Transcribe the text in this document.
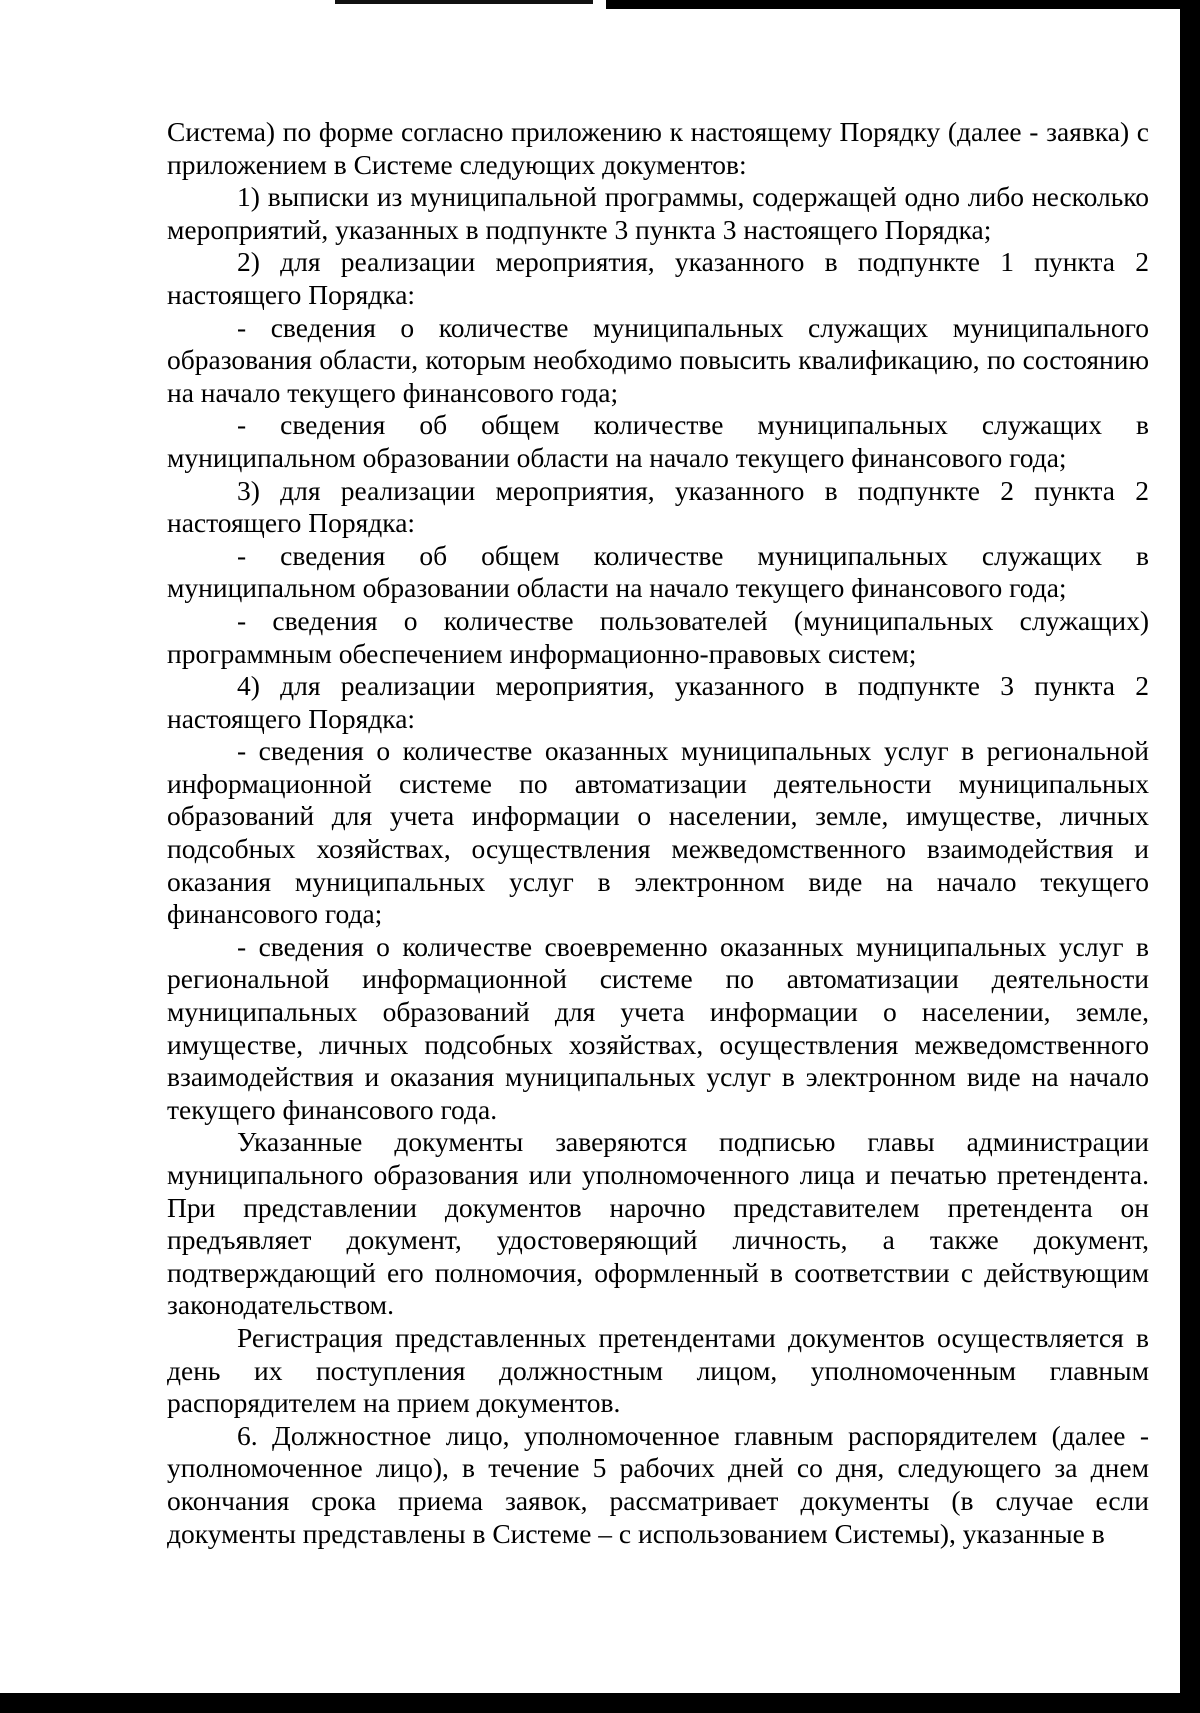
Система) по форме согласно приложению к настоящему Порядку (далее - заявка) с приложением в Системе следующих документов:

1) выписки из муниципальной программы, содержащей одно либо несколько мероприятий, указанных в подпункте 3 пункта 3 настоящего Порядка;

2) для реализации мероприятия, указанного в подпункте 1 пункта 2 настоящего Порядка:

- сведения о количестве муниципальных служащих муниципального образования области, которым необходимо повысить квалификацию, по состоянию на начало текущего финансового года;

- сведения об общем количестве муниципальных служащих в муниципальном образовании области на начало текущего финансового года;

3) для реализации мероприятия, указанного в подпункте 2 пункта 2 настоящего Порядка:

- сведения об общем количестве муниципальных служащих в муниципальном образовании области на начало текущего финансового года;

- сведения о количестве пользователей (муниципальных служащих) программным обеспечением информационно-правовых систем;

4) для реализации мероприятия, указанного в подпункте 3 пункта 2 настоящего Порядка:

- сведения о количестве оказанных муниципальных услуг в региональной информационной системе по автоматизации деятельности муниципальных образований для учета информации о населении, земле, имуществе, личных подсобных хозяйствах, осуществления межведомственного взаимодействия и оказания муниципальных услуг в электронном виде на начало текущего финансового года;

- сведения о количестве своевременно оказанных муниципальных услуг в региональной информационной системе по автоматизации деятельности муниципальных образований для учета информации о населении, земле, имуществе, личных подсобных хозяйствах, осуществления межведомственного взаимодействия и оказания муниципальных услуг в электронном виде на начало текущего финансового года.

Указанные документы заверяются подписью главы администрации муниципального образования или уполномоченного лица и печатью претендента. При представлении документов нарочно представителем претендента он предъявляет документ, удостоверяющий личность, а также документ, подтверждающий его полномочия, оформленный в соответствии с действующим законодательством.

Регистрация представленных претендентами документов осуществляется в день их поступления должностным лицом, уполномоченным главным распорядителем на прием документов.

6. Должностное лицо, уполномоченное главным распорядителем (далее - уполномоченное лицо), в течение 5 рабочих дней со дня, следующего за днем окончания срока приема заявок, рассматривает документы (в случае если документы представлены в Системе – с использованием Системы), указанные в
